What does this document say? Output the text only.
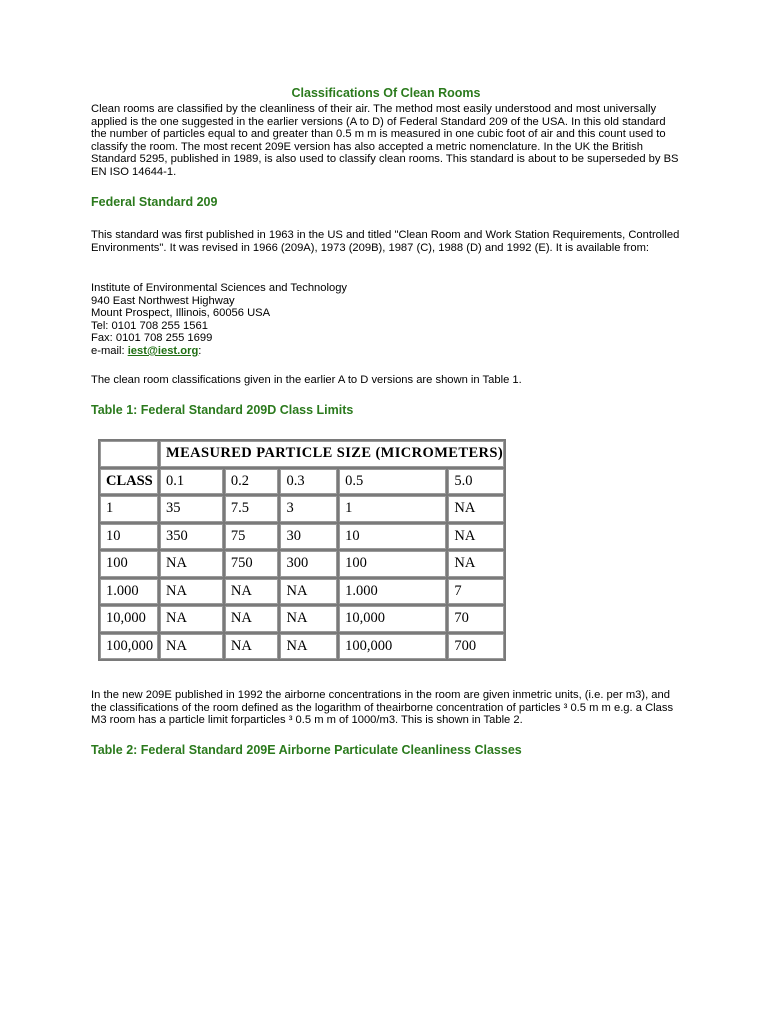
Classifications Of Clean Rooms

Clean rooms are classified by the cleanliness of their air. The method most easily understood and most universally applied is the one suggested in the earlier versions (A to D) of Federal Standard 209 of the USA. In this old standard the number of particles equal to and greater than 0.5 m m is measured in one cubic foot of air and this count used to classify the room. The most recent 209E version has also accepted a metric nomenclature. In the UK the British Standard 5295, published in 1989, is also used to classify clean rooms. This standard is about to be superseded by BS EN ISO 14644-1.

Federal Standard 209

This standard was first published in 1963 in the US and titled "Clean Room and Work Station Requirements, Controlled Environments". It was revised in 1966 (209A), 1973 (209B), 1987 (C), 1988 (D) and 1992 (E). It is available from:

Institute of Environmental Sciences and Technology
940 East Northwest Highway
Mount Prospect, Illinois, 60056 USA
Tel: 0101 708 255 1561
Fax: 0101 708 255 1699
e-mail: iest@iest.org:

The clean room classifications given in the earlier A to D versions are shown in Table 1.

Table 1: Federal Standard 209D Class Limits

In the new 209E published in 1992 the airborne concentrations in the room are given inmetric units, (i.e. per m3), and the classifications of the room defined as the logarithm of theairborne concentration of particles ³ 0.5 m m e.g. a Class M3 room has a particle limit forparticles ³ 0.5 m m of 1000/m3. This is shown in Table 2.

Table 2: Federal Standard 209E Airborne Particulate Cleanliness Classes
	MEASURED PARTICLE SIZE (MICROMETERS)				
CLASS	0.1	0.2	0.3	0.5	5.0
1	35	7.5	3	1	NA
10	350	75	30	10	NA
100	NA	750	300	100	NA
1.000	NA	NA	NA	1.000	7
10,000	NA	NA	NA	10,000	70
100,000	NA	NA	NA	100,000	700
